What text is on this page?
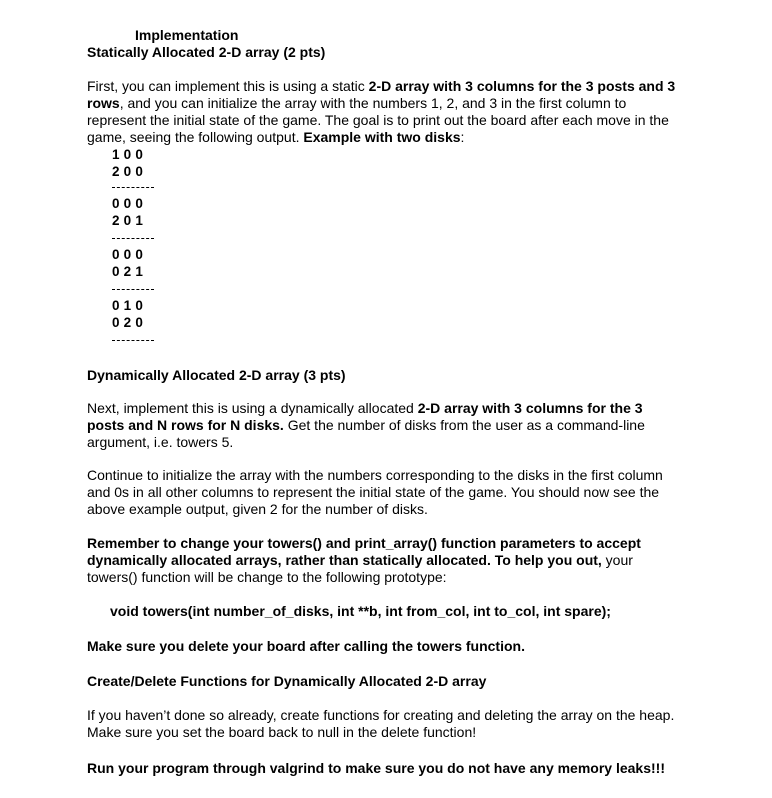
Implementation
Statically Allocated 2-D array (2 pts)
First, you can implement this is using a static 2-D array with 3 columns for the 3 posts and 3
rows, and you can initialize the array with the numbers 1, 2, and 3 in the first column to
represent the initial state of the game. The goal is to print out the board after each move in the
game, seeing the following output. Example with two disks:
1 0 0
2 0 0
0 0 0
2 0 1
0 0 0
0 2 1
0 1 0
0 2 0
Dynamically Allocated 2-D array (3 pts)
Next, implement this is using a dynamically allocated 2-D array with 3 columns for the 3
posts and N rows for N disks. Get the number of disks from the user as a command-line
argument, i.e. towers 5.
Continue to initialize the array with the numbers corresponding to the disks in the first column
and 0s in all other columns to represent the initial state of the game. You should now see the
above example output, given 2 for the number of disks.
Remember to change your towers() and print_array() function parameters to accept
dynamically allocated arrays, rather than statically allocated. To help you out, your
towers() function will be change to the following prototype:
void towers(int number_of_disks, int **b, int from_col, int to_col, int spare);
Make sure you delete your board after calling the towers function.
Create/Delete Functions for Dynamically Allocated 2-D array
If you haven’t done so already, create functions for creating and deleting the array on the heap.
Make sure you set the board back to null in the delete function!
Run your program through valgrind to make sure you do not have any memory leaks!!!
